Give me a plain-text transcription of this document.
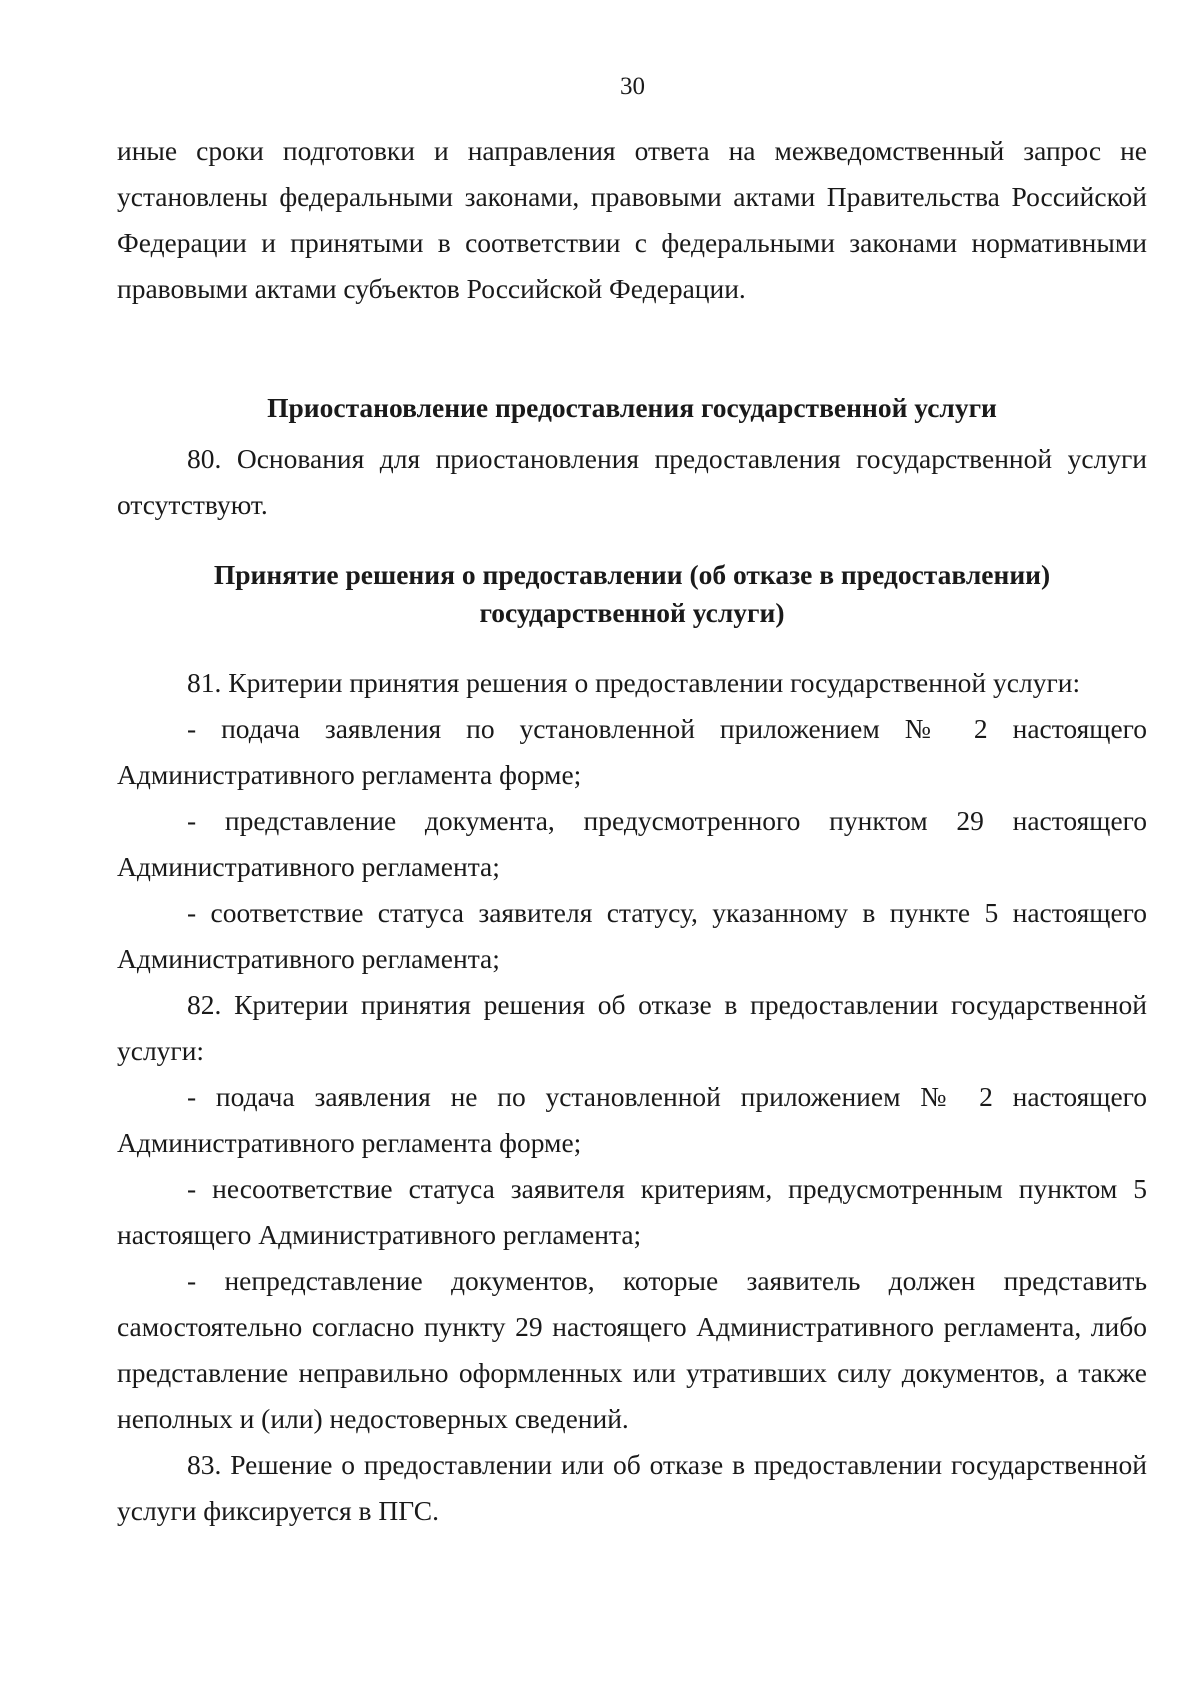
30

иные сроки подготовки и направления ответа на межведомственный запрос не установлены федеральными законами, правовыми актами Правительства Российской Федерации и принятыми в соответствии с федеральными законами нормативными правовыми актами субъектов Российской Федерации.

Приостановление предоставления государственной услуги

80. Основания для приостановления предоставления государственной услуги отсутствуют.

Принятие решения о предоставлении (об отказе в предоставлении)
государственной услуги)

81. Критерии принятия решения о предоставлении государственной услуги:

- подача заявления по установленной приложением № 2 настоящего Административного регламента форме;

- представление документа, предусмотренного пунктом 29 настоящего Административного регламента;

- соответствие статуса заявителя статусу, указанному в пункте 5 настоящего Административного регламента;

82. Критерии принятия решения об отказе в предоставлении государственной услуги:

- подача заявления не по установленной приложением № 2 настоящего Административного регламента форме;

- несоответствие статуса заявителя критериям, предусмотренным пунктом 5 настоящего Административного регламента;

- непредставление документов, которые заявитель должен представить самостоятельно согласно пункту 29 настоящего Административного регламента, либо представление неправильно оформленных или утративших силу документов, а также неполных и (или) недостоверных сведений.

83. Решение о предоставлении или об отказе в предоставлении государственной услуги фиксируется в ПГС.
